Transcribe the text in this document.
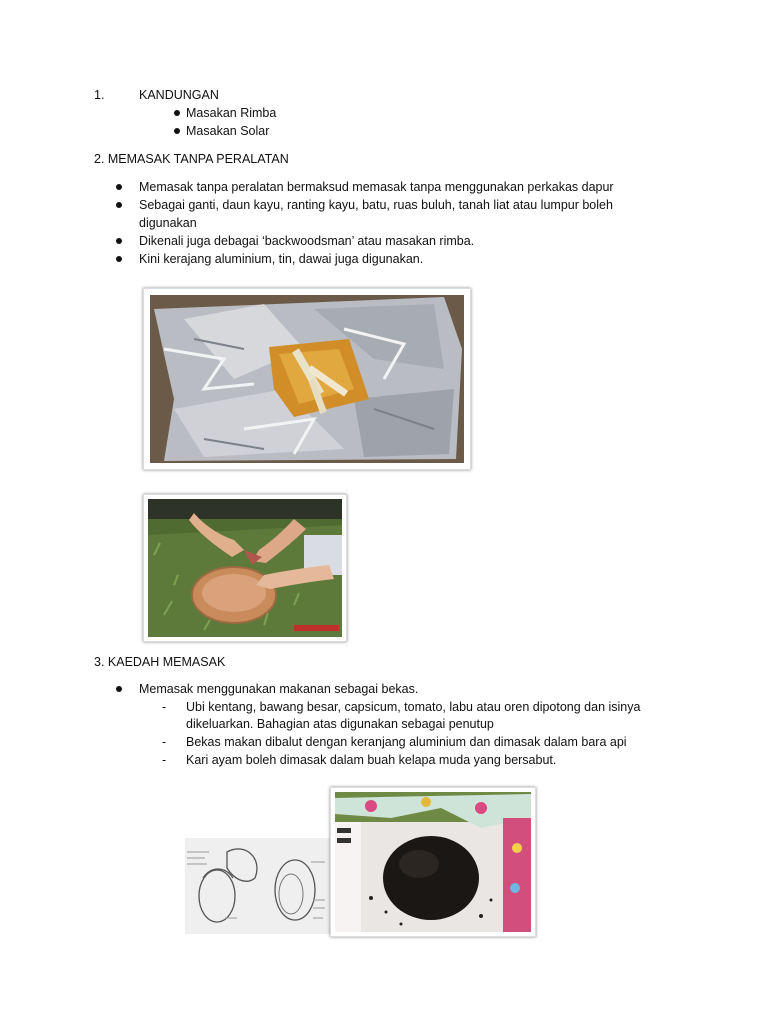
1.	KANDUNGAN
Masakan Rimba
Masakan Solar
2. MEMASAK TANPA PERALATAN
Memasak tanpa peralatan bermaksud memasak tanpa menggunakan perkakas dapur
Sebagai ganti, daun kayu, ranting kayu, batu, ruas buluh, tanah liat atau lumpur boleh
digunakan
Dikenali juga debagai ‘backwoodsman’ atau masakan rimba.
Kini kerajang aluminium, tin, dawai juga digunakan.
3. KAEDAH MEMASAK
Memasak menggunakan makanan sebagai bekas.
- Ubi kentang, bawang besar, capsicum, tomato, labu atau oren dipotong dan isinya
dikeluarkan. Bahagian atas digunakan sebagai penutup
- Bekas makan dibalut dengan keranjang aluminium dan dimasak dalam bara api
- Kari ayam boleh dimasak dalam buah kelapa muda yang bersabut.
